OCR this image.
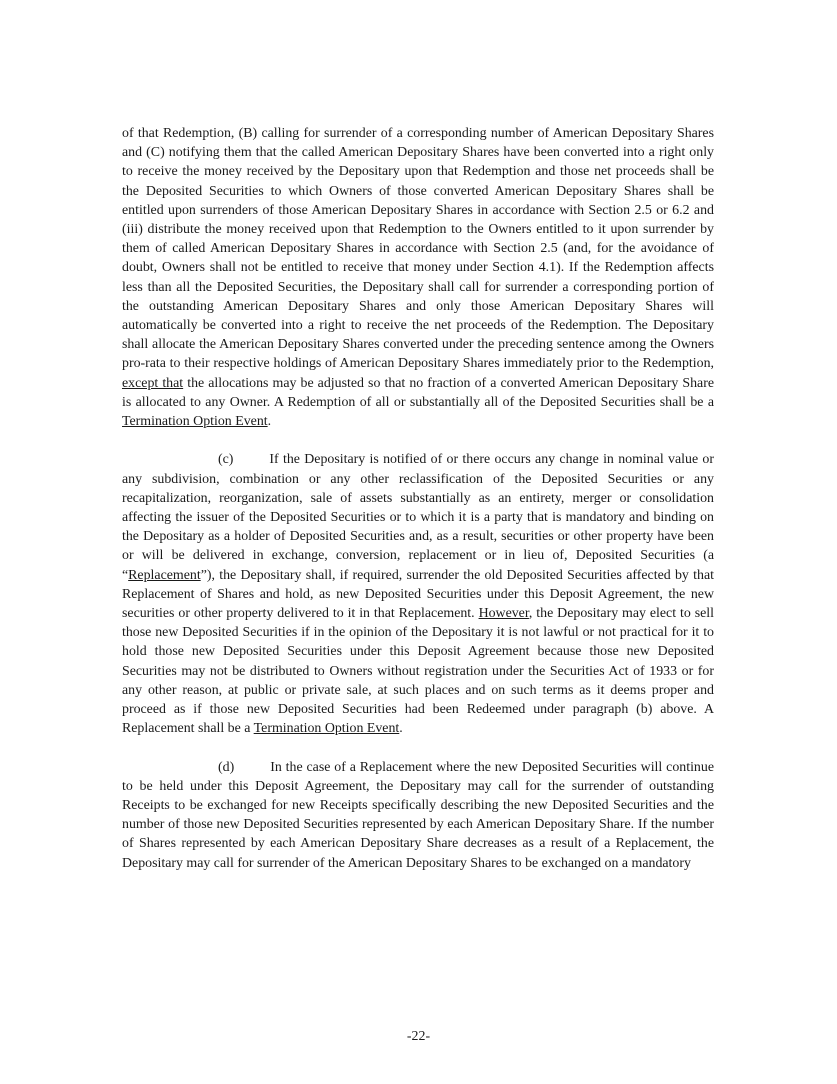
of that Redemption, (B) calling for surrender of a corresponding number of American Depositary Shares and (C) notifying them that the called American Depositary Shares have been converted into a right only to receive the money received by the Depositary upon that Redemption and those net proceeds shall be the Deposited Securities to which Owners of those converted American Depositary Shares shall be entitled upon surrenders of those American Depositary Shares in accordance with Section 2.5 or 6.2 and (iii) distribute the money received upon that Redemption to the Owners entitled to it upon surrender by them of called American Depositary Shares in accordance with Section 2.5 (and, for the avoidance of doubt, Owners shall not be entitled to receive that money under Section 4.1). If the Redemption affects less than all the Deposited Securities, the Depositary shall call for surrender a corresponding portion of the outstanding American Depositary Shares and only those American Depositary Shares will automatically be converted into a right to receive the net proceeds of the Redemption. The Depositary shall allocate the American Depositary Shares converted under the preceding sentence among the Owners pro-rata to their respective holdings of American Depositary Shares immediately prior to the Redemption, except that the allocations may be adjusted so that no fraction of a converted American Depositary Share is allocated to any Owner. A Redemption of all or substantially all of the Deposited Securities shall be a Termination Option Event.

(c)	If the Depositary is notified of or there occurs any change in nominal value or any subdivision, combination or any other reclassification of the Deposited Securities or any recapitalization, reorganization, sale of assets substantially as an entirety, merger or consolidation affecting the issuer of the Deposited Securities or to which it is a party that is mandatory and binding on the Depositary as a holder of Deposited Securities and, as a result, securities or other property have been or will be delivered in exchange, conversion, replacement or in lieu of, Deposited Securities (a “Replacement”), the Depositary shall, if required, surrender the old Deposited Securities affected by that Replacement of Shares and hold, as new Deposited Securities under this Deposit Agreement, the new securities or other property delivered to it in that Replacement. However, the Depositary may elect to sell those new Deposited Securities if in the opinion of the Depositary it is not lawful or not practical for it to hold those new Deposited Securities under this Deposit Agreement because those new Deposited Securities may not be distributed to Owners without registration under the Securities Act of 1933 or for any other reason, at public or private sale, at such places and on such terms as it deems proper and proceed as if those new Deposited Securities had been Redeemed under paragraph (b) above. A Replacement shall be a Termination Option Event.

(d)	In the case of a Replacement where the new Deposited Securities will continue to be held under this Deposit Agreement, the Depositary may call for the surrender of outstanding Receipts to be exchanged for new Receipts specifically describing the new Deposited Securities and the number of those new Deposited Securities represented by each American Depositary Share. If the number of Shares represented by each American Depositary Share decreases as a result of a Replacement, the Depositary may call for surrender of the American Depositary Shares to be exchanged on a mandatory

-22-
